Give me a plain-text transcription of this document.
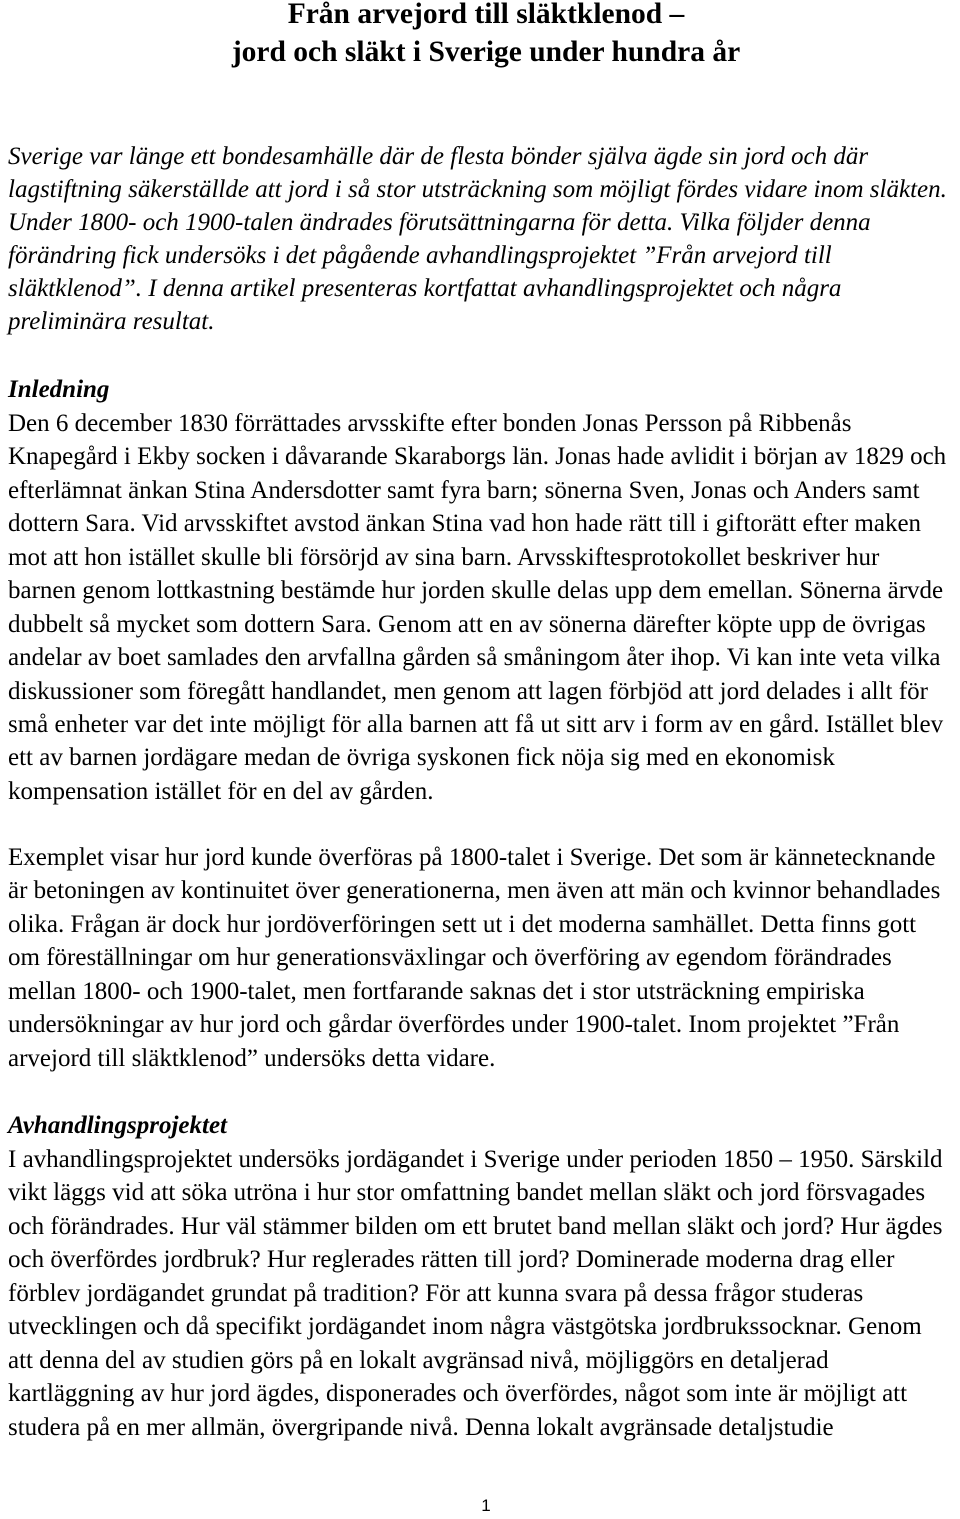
Från arvejord till släktklenod –
jord och släkt i Sverige under hundra år
Sverige var länge ett bondesamhälle där de flesta bönder själva ägde sin jord och där
lagstiftning säkerställde att jord i så stor utsträckning som möjligt fördes vidare inom släkten.
Under 1800- och 1900-talen ändrades förutsättningarna för detta. Vilka följder denna
förändring fick undersöks i det pågående avhandlingsprojektet ”Från arvejord till
släktklenod”. I denna artikel presenteras kortfattat avhandlingsprojektet och några
preliminära resultat.
Inledning
Den 6 december 1830 förrättades arvsskifte efter bonden Jonas Persson på Ribbenås
Knapegård i Ekby socken i dåvarande Skaraborgs län. Jonas hade avlidit i början av 1829 och
efterlämnat änkan Stina Andersdotter samt fyra barn; sönerna Sven, Jonas och Anders samt
dottern Sara. Vid arvsskiftet avstod änkan Stina vad hon hade rätt till i giftorätt efter maken
mot att hon istället skulle bli försörjd av sina barn. Arvsskiftesprotokollet beskriver hur
barnen genom lottkastning bestämde hur jorden skulle delas upp dem emellan. Sönerna ärvde
dubbelt så mycket som dottern Sara. Genom att en av sönerna därefter köpte upp de övrigas
andelar av boet samlades den arvfallna gården så småningom åter ihop. Vi kan inte veta vilka
diskussioner som föregått handlandet, men genom att lagen förbjöd att jord delades i allt för
små enheter var det inte möjligt för alla barnen att få ut sitt arv i form av en gård. Istället blev
ett av barnen jordägare medan de övriga syskonen fick nöja sig med en ekonomisk
kompensation istället för en del av gården.
Exemplet visar hur jord kunde överföras på 1800-talet i Sverige. Det som är kännetecknande
är betoningen av kontinuitet över generationerna, men även att män och kvinnor behandlades
olika. Frågan är dock hur jordöverföringen sett ut i det moderna samhället. Detta finns gott
om föreställningar om hur generationsväxlingar och överföring av egendom förändrades
mellan 1800- och 1900-talet, men fortfarande saknas det i stor utsträckning empiriska
undersökningar av hur jord och gårdar överfördes under 1900-talet. Inom projektet ”Från
arvejord till släktklenod” undersöks detta vidare.
Avhandlingsprojektet
I avhandlingsprojektet undersöks jordägandet i Sverige under perioden 1850 – 1950. Särskild
vikt läggs vid att söka utröna i hur stor omfattning bandet mellan släkt och jord försvagades
och förändrades. Hur väl stämmer bilden om ett brutet band mellan släkt och jord? Hur ägdes
och överfördes jordbruk? Hur reglerades rätten till jord? Dominerade moderna drag eller
förblev jordägandet grundat på tradition? För att kunna svara på dessa frågor studeras
utvecklingen och då specifikt jordägandet inom några västgötska jordbrukssocknar. Genom
att denna del av studien görs på en lokalt avgränsad nivå, möjliggörs en detaljerad
kartläggning av hur jord ägdes, disponerades och överfördes, något som inte är möjligt att
studera på en mer allmän, övergripande nivå. Denna lokalt avgränsade detaljstudie
1
